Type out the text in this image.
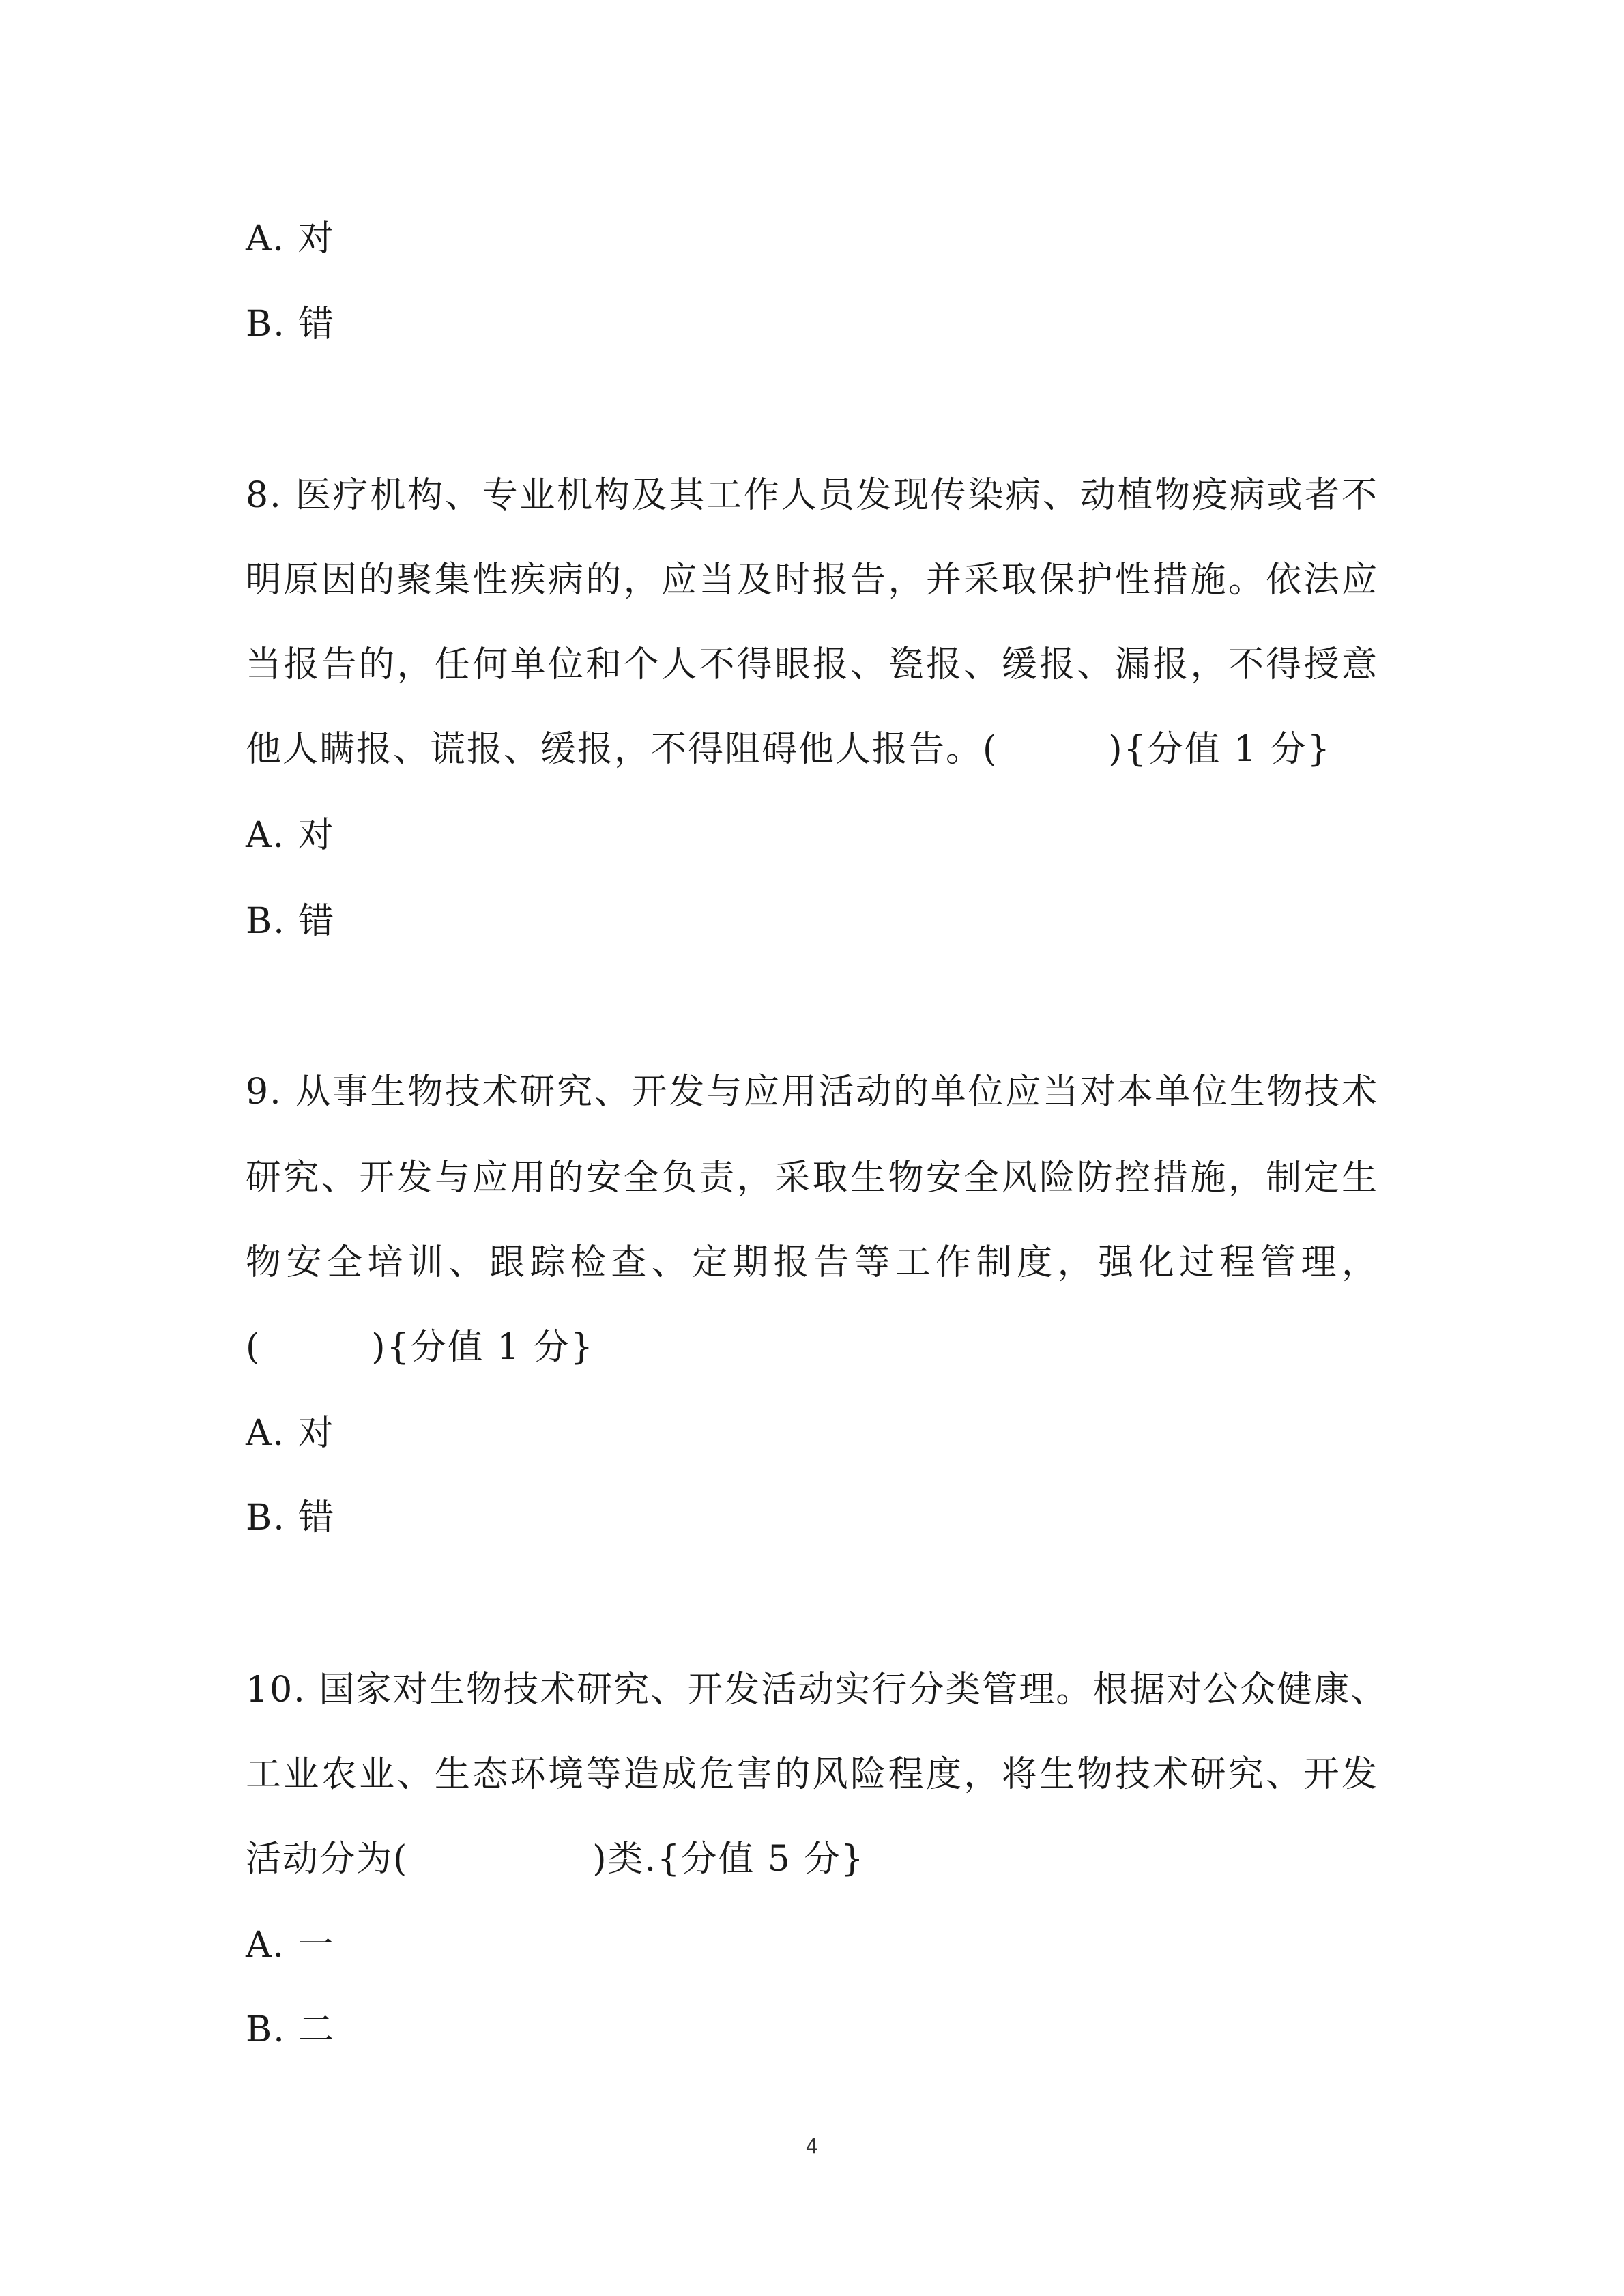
A. 对
B. 错
8. 医疗机构、专业机构及其工作人员发现传染病、动植物疫病或者不
明原因的聚集性疾病的，应当及时报告，并采取保护性措施。依法应
当报告的，任何单位和个人不得眼报、瓷报、缓报、漏报，不得授意
他人瞒报、谎报、缓报，不得阻碍他人报告。(　　　){分值 1 分}
A. 对
B. 错
9. 从事生物技术研究、开发与应用活动的单位应当对本单位生物技术
研究、开发与应用的安全负责，采取生物安全风险防控措施，制定生
物安全培训、跟踪检查、定期报告等工作制度，强化过程管理，
(　　　){分值 1 分}
A. 对
B. 错
10. 国家对生物技术研究、开发活动实行分类管理。根据对公众健康、
工业农业、生态环境等造成危害的风险程度，将生物技术研究、开发
活动分为(　　　　　)类.{分值 5 分}
A. 一
B. 二
4
